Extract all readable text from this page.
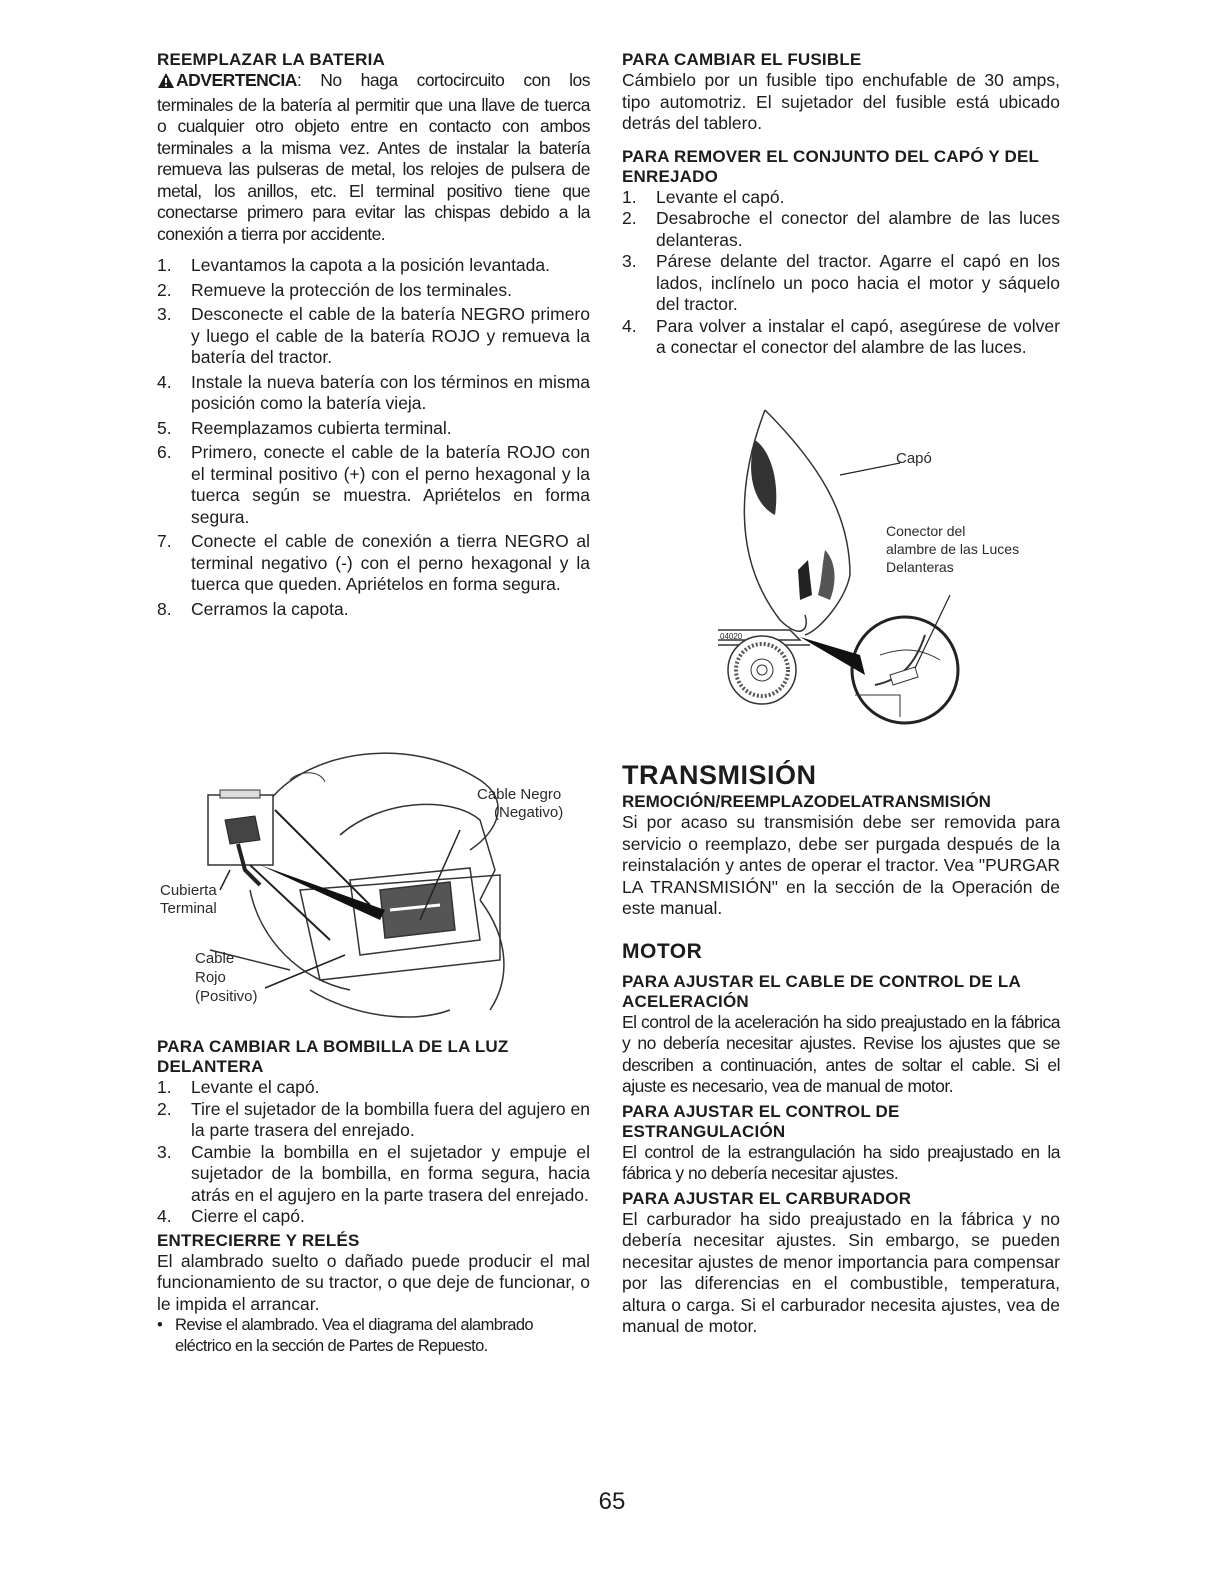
REEMPLAZAR LA BATERIA

ADVERTENCIA: No haga cortocircuito con los terminales de la batería al permitir que una llave de tuerca o cualquier otro objeto entre en contacto con ambos terminales a la misma vez. Antes de instalar la batería remueva las pulseras de metal, los relojes de pulsera de metal, los anillos, etc. El terminal positivo tiene que conectarse primero para evitar las chispas debido a la conexión a tierra por accidente.

1. Levantamos la capota a la posición levantada.
2. Remueve la protección de los terminales.
3. Desconecte el cable de la batería NEGRO primero y luego el cable de la batería ROJO y remueva la batería del tractor.
4. Instale la nueva batería con los términos en misma posición como la batería vieja.
5. Reemplazamos cubierta terminal.
6. Primero, conecte el cable de la batería ROJO con el terminal positivo (+) con el perno hexagonal y la tuerca según se muestra. Apriételos en forma segura.
7. Conecte el cable de conexión a tierra NEGRO al terminal negativo (-) con el perno hexagonal y la tuerca que queden. Apriételos en forma segura.
8. Cerramos la capota.
Cable Negro
(Negativo)
Cubierta
Terminal
Cable
Rojo
(Positivo)
PARA CAMBIAR LA BOMBILLA DE LA LUZ DELANTERA
1. Levante el capó.
2. Tire el sujetador de la bombilla fuera del agujero en la parte trasera del enrejado.
3. Cambie la bombilla en el sujetador y empuje el sujetador de la bombilla, en forma segura, hacia atrás en el agujero en la parte trasera del enrejado.
4. Cierre el capó.
ENTRECIERRE Y RELÉS

El alambrado suelto o dañado puede producir el mal funcionamiento de su tractor, o que deje de funcionar, o le impida el arrancar.

• Revise el alambrado. Vea el diagrama del alambrado eléctrico en la sección de Partes de Repuesto.
PARA CAMBIAR EL FUSIBLE

Cámbielo por un fusible tipo enchufable de 30 amps, tipo automotriz. El sujetador del fusible está ubicado detrás del tablero.

PARA REMOVER EL CONJUNTO DEL CAPÓ Y DEL ENREJADO
1. Levante el capó.
2. Desabroche el conector del alambre de las luces delanteras.
3. Párese delante del tractor. Agarre el capó en los lados, inclínelo un poco hacia el motor y sáquelo del tractor.
4. Para volver a instalar el capó, asegúrese de volver a conectar el conector del alambre de las luces.
Capó
Conector del
alambre de las Luces
Delanteras
04020
TRANSMISIÓN
REMOCIÓN/REEMPLAZODELATRANSMISIÓN

Si por acaso su transmisión debe ser removida para servicio o reemplazo, debe ser purgada después de la reinstalación y antes de operar el tractor. Vea "PURGAR LA TRANSMISIÓN" en la sección de la Operación de este manual.

MOTOR
PARA AJUSTAR EL CABLE DE CONTROL DE LA ACELERACIÓN

El control de la aceleración ha sido preajustado en la fábrica y no debería necesitar ajustes. Revise los ajustes que se describen a continuación, antes de soltar el cable. Si el ajuste es necesario, vea de manual de motor.

PARA AJUSTAR EL CONTROL DE ESTRANGULACIÓN

El control de la estrangulación ha sido preajustado en la fábrica y no debería necesitar ajustes.

PARA AJUSTAR EL CARBURADOR

El carburador ha sido preajustado en la fábrica y no debería necesitar ajustes. Sin embargo, se pueden necesitar ajustes de menor importancia para compensar por las diferencias en el combustible, temperatura, altura o carga. Si el carburador necesita ajustes, vea de manual de motor.

65
